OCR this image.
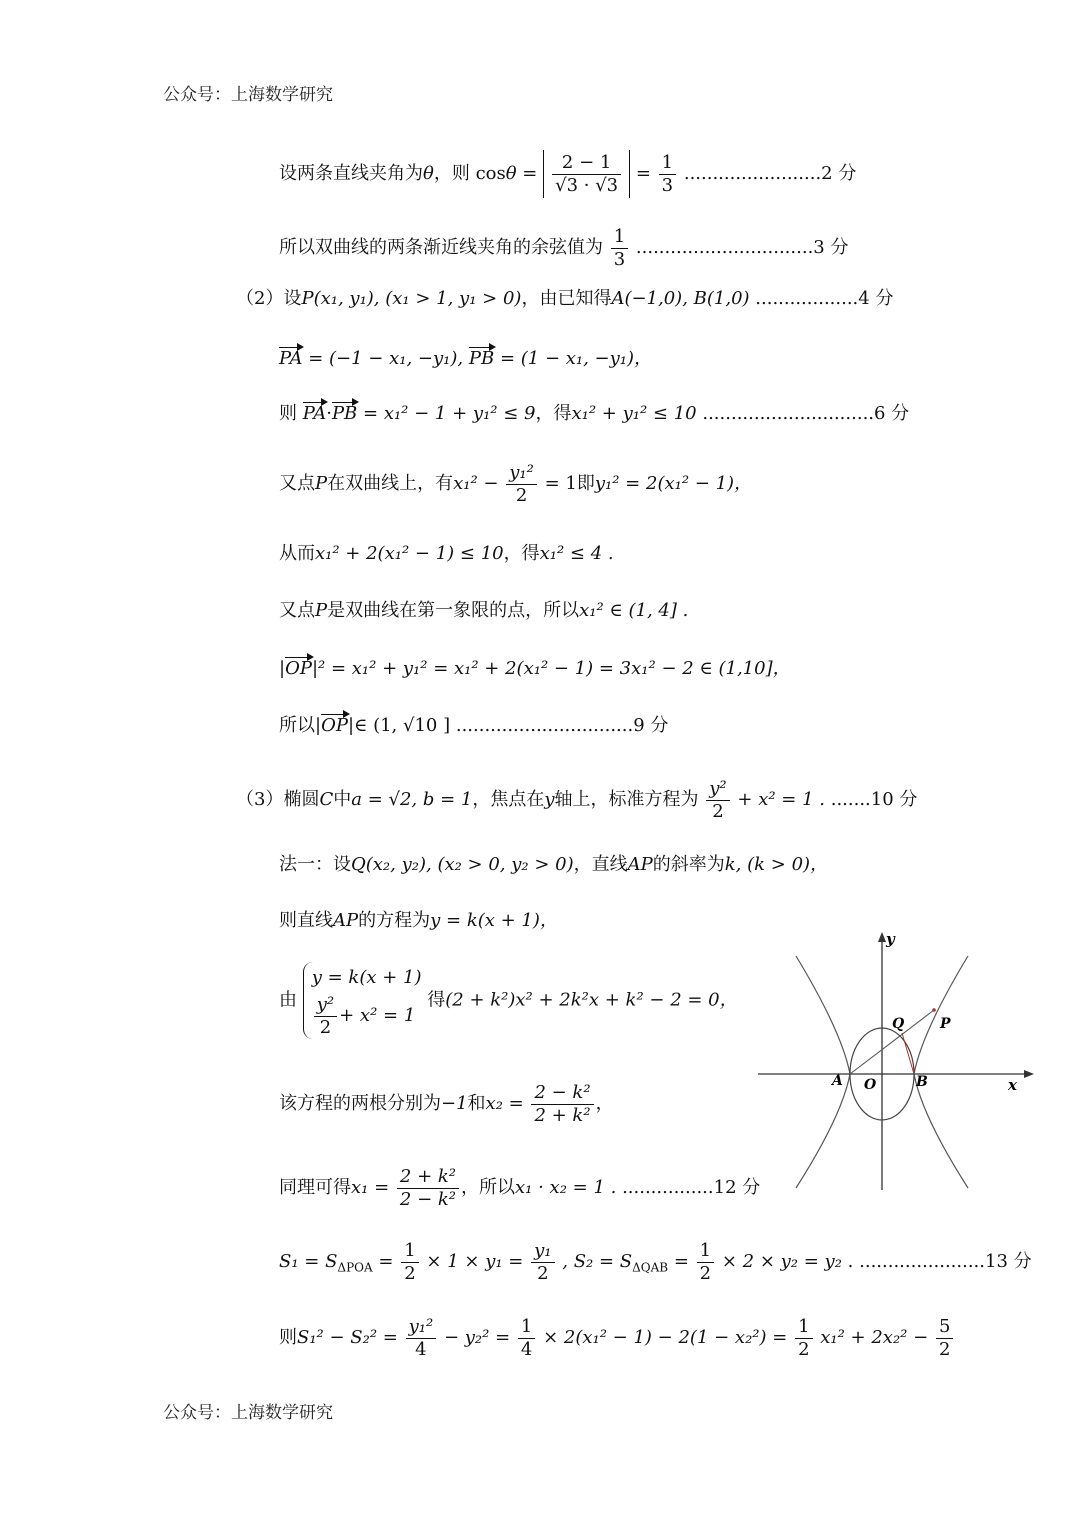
公众号：上海数学研究
设两条直线夹角为θ，则 $\cos\theta = \frac{2 - 1}{√3 \cdot √3} = \frac{1}{3} ........................2$ 分
所以双曲线的两条渐近线夹角的余弦值为 $\frac{1}{3} ...............................3$ 分
（2）设P(x₁, y₁), (x₁ > 1, y₁ > 0)，由已知得A(−1,0), B(1,0) ..................4 分
PA = (−1 − x₁, −y₁), PB = (1 − x₁, −y₁)，
则 PA·PB = x₁² − 1 + y₁² ≤ 9，得x₁² + y₁² ≤ 10 ..............................6 分
又点P在双曲线上，有$x_1^2 - \frac{\text{y₁²}}{2} = 1$即y₁² = 2(x₁² − 1)，
从而x₁² + 2(x₁² − 1) ≤ 10，得x₁² ≤ 4 .
又点P是双曲线在第一象限的点，所以x₁² ∈ (1, 4] .
|OP|² = x₁² + y₁² = x₁² + 2(x₁² − 1) = 3x₁² − 2 ∈ (1,10]，
所以|OP|∈ (1, √10 ] ...............................9 分
（3）椭圆C中a = √2, b = 1，焦点在y轴上，标准方程为 $\frac{\text{y²}}{2} + x^2 = 1$ . .......10 分
法一：设Q(x₂, y₂), (x₂ > 0, y₂ > 0)，直线AP的斜率为k, (k > 0)，
则直线AP的方程为y = k(x + 1)，
由
y = k(x + 1)
$\frac{\text{y²}}{2} + x^2 = 1$
得(2 + k²)x² + 2k²x + k² − 2 = 0，
该方程的两根分别为−1和$x_2 = \frac{\text{2 − k²}}{\text{2 + k²}}$ ，
同理可得$x_1 = \frac{\text{2 + k²}}{\text{2 − k²}}$ ，所以x₁ · x₂ = 1 . ................12 分
$S_1 = S_{\Delta POA} = \frac{1}{2} \times 1 \times y_1 = \frac{\text{y₁}}{2}$ , $S_2 = S_{\Delta QAB} = \frac{1}{2} \times 2 \times y_2 = y_2$ . ......................13 分
则$S_1^2 - S_2^2 = \frac{\text{y₁²}}{4} - y_2^2 = \frac{1}{4} \times 2(x_1^2 - 1) - 2(1 - x_2^2) = \frac{1}{2} x_1^2 + 2x_2^2 - \frac{5}{2}$
x
y
A O	B
Q	P
公众号：上海数学研究
